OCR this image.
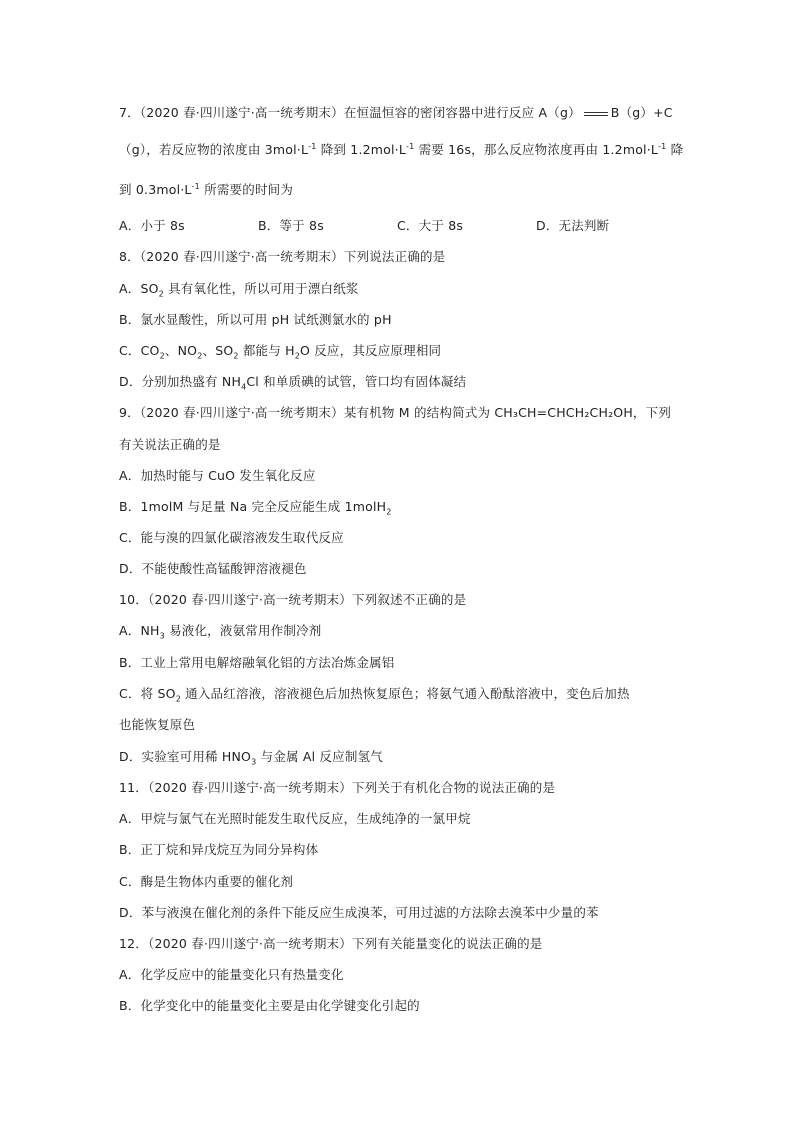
7．（2020 春·四川遂宁·高一统考期末）在恒温恒容的密闭容器中进行反应 A（g） B（g）+C
（g），若反应物的浓度由 $3mol\cdot L^{-1}$ 降到 $1.2mol\cdot L^{-1}$ 需要 16s，那么反应物浓度再由 $1.2mol\cdot L^{-1}$ 降
到 $0.3mol\cdot L^{-1}$ 所需要的时间为
A．小于 8s	B．等于 8s	C．大于 8s	D．无法判断
8．（2020 春·四川遂宁·高一统考期末）下列说法正确的是
A．$SO_2$ 具有氧化性，所以可用于漂白纸浆
B．氯水显酸性，所以可用 pH 试纸测氯水的 pH
C．$CO_2$、$NO_2$、$SO_2$ 都能与 $H_2O$ 反应，其反应原理相同
D．分别加热盛有 $NH_4Cl$ 和单质碘的试管，管口均有固体凝结
9．（2020 春·四川遂宁·高一统考期末）某有机物 M 的结构简式为 CH₃CH=CHCH₂CH₂OH，下列
有关说法正确的是
A．加热时能与 CuO 发生氧化反应
B．1molM 与足量 Na 完全反应能生成 1molH$_2$
C．能与溴的四氯化碳溶液发生取代反应
D．不能使酸性高锰酸钾溶液褪色
10．（2020 春·四川遂宁·高一统考期末）下列叙述不正确的是
A．$NH_3$ 易液化，液氨常用作制冷剂
B．工业上常用电解熔融氧化铝的方法冶炼金属铝
C．将 $SO_2$ 通入品红溶液，溶液褪色后加热恢复原色；将氨气通入酚酞溶液中，变色后加热
也能恢复原色
D．实验室可用稀 $HNO_3$ 与金属 Al 反应制氢气
11．（2020 春·四川遂宁·高一统考期末）下列关于有机化合物的说法正确的是
A．甲烷与氯气在光照时能发生取代反应，生成纯净的一氯甲烷
B．正丁烷和异戊烷互为同分异构体
C．酶是生物体内重要的催化剂
D．苯与液溴在催化剂的条件下能反应生成溴苯，可用过滤的方法除去溴苯中少量的苯
12．（2020 春·四川遂宁·高一统考期末）下列有关能量变化的说法正确的是
A．化学反应中的能量变化只有热量变化
B．化学变化中的能量变化主要是由化学键变化引起的
